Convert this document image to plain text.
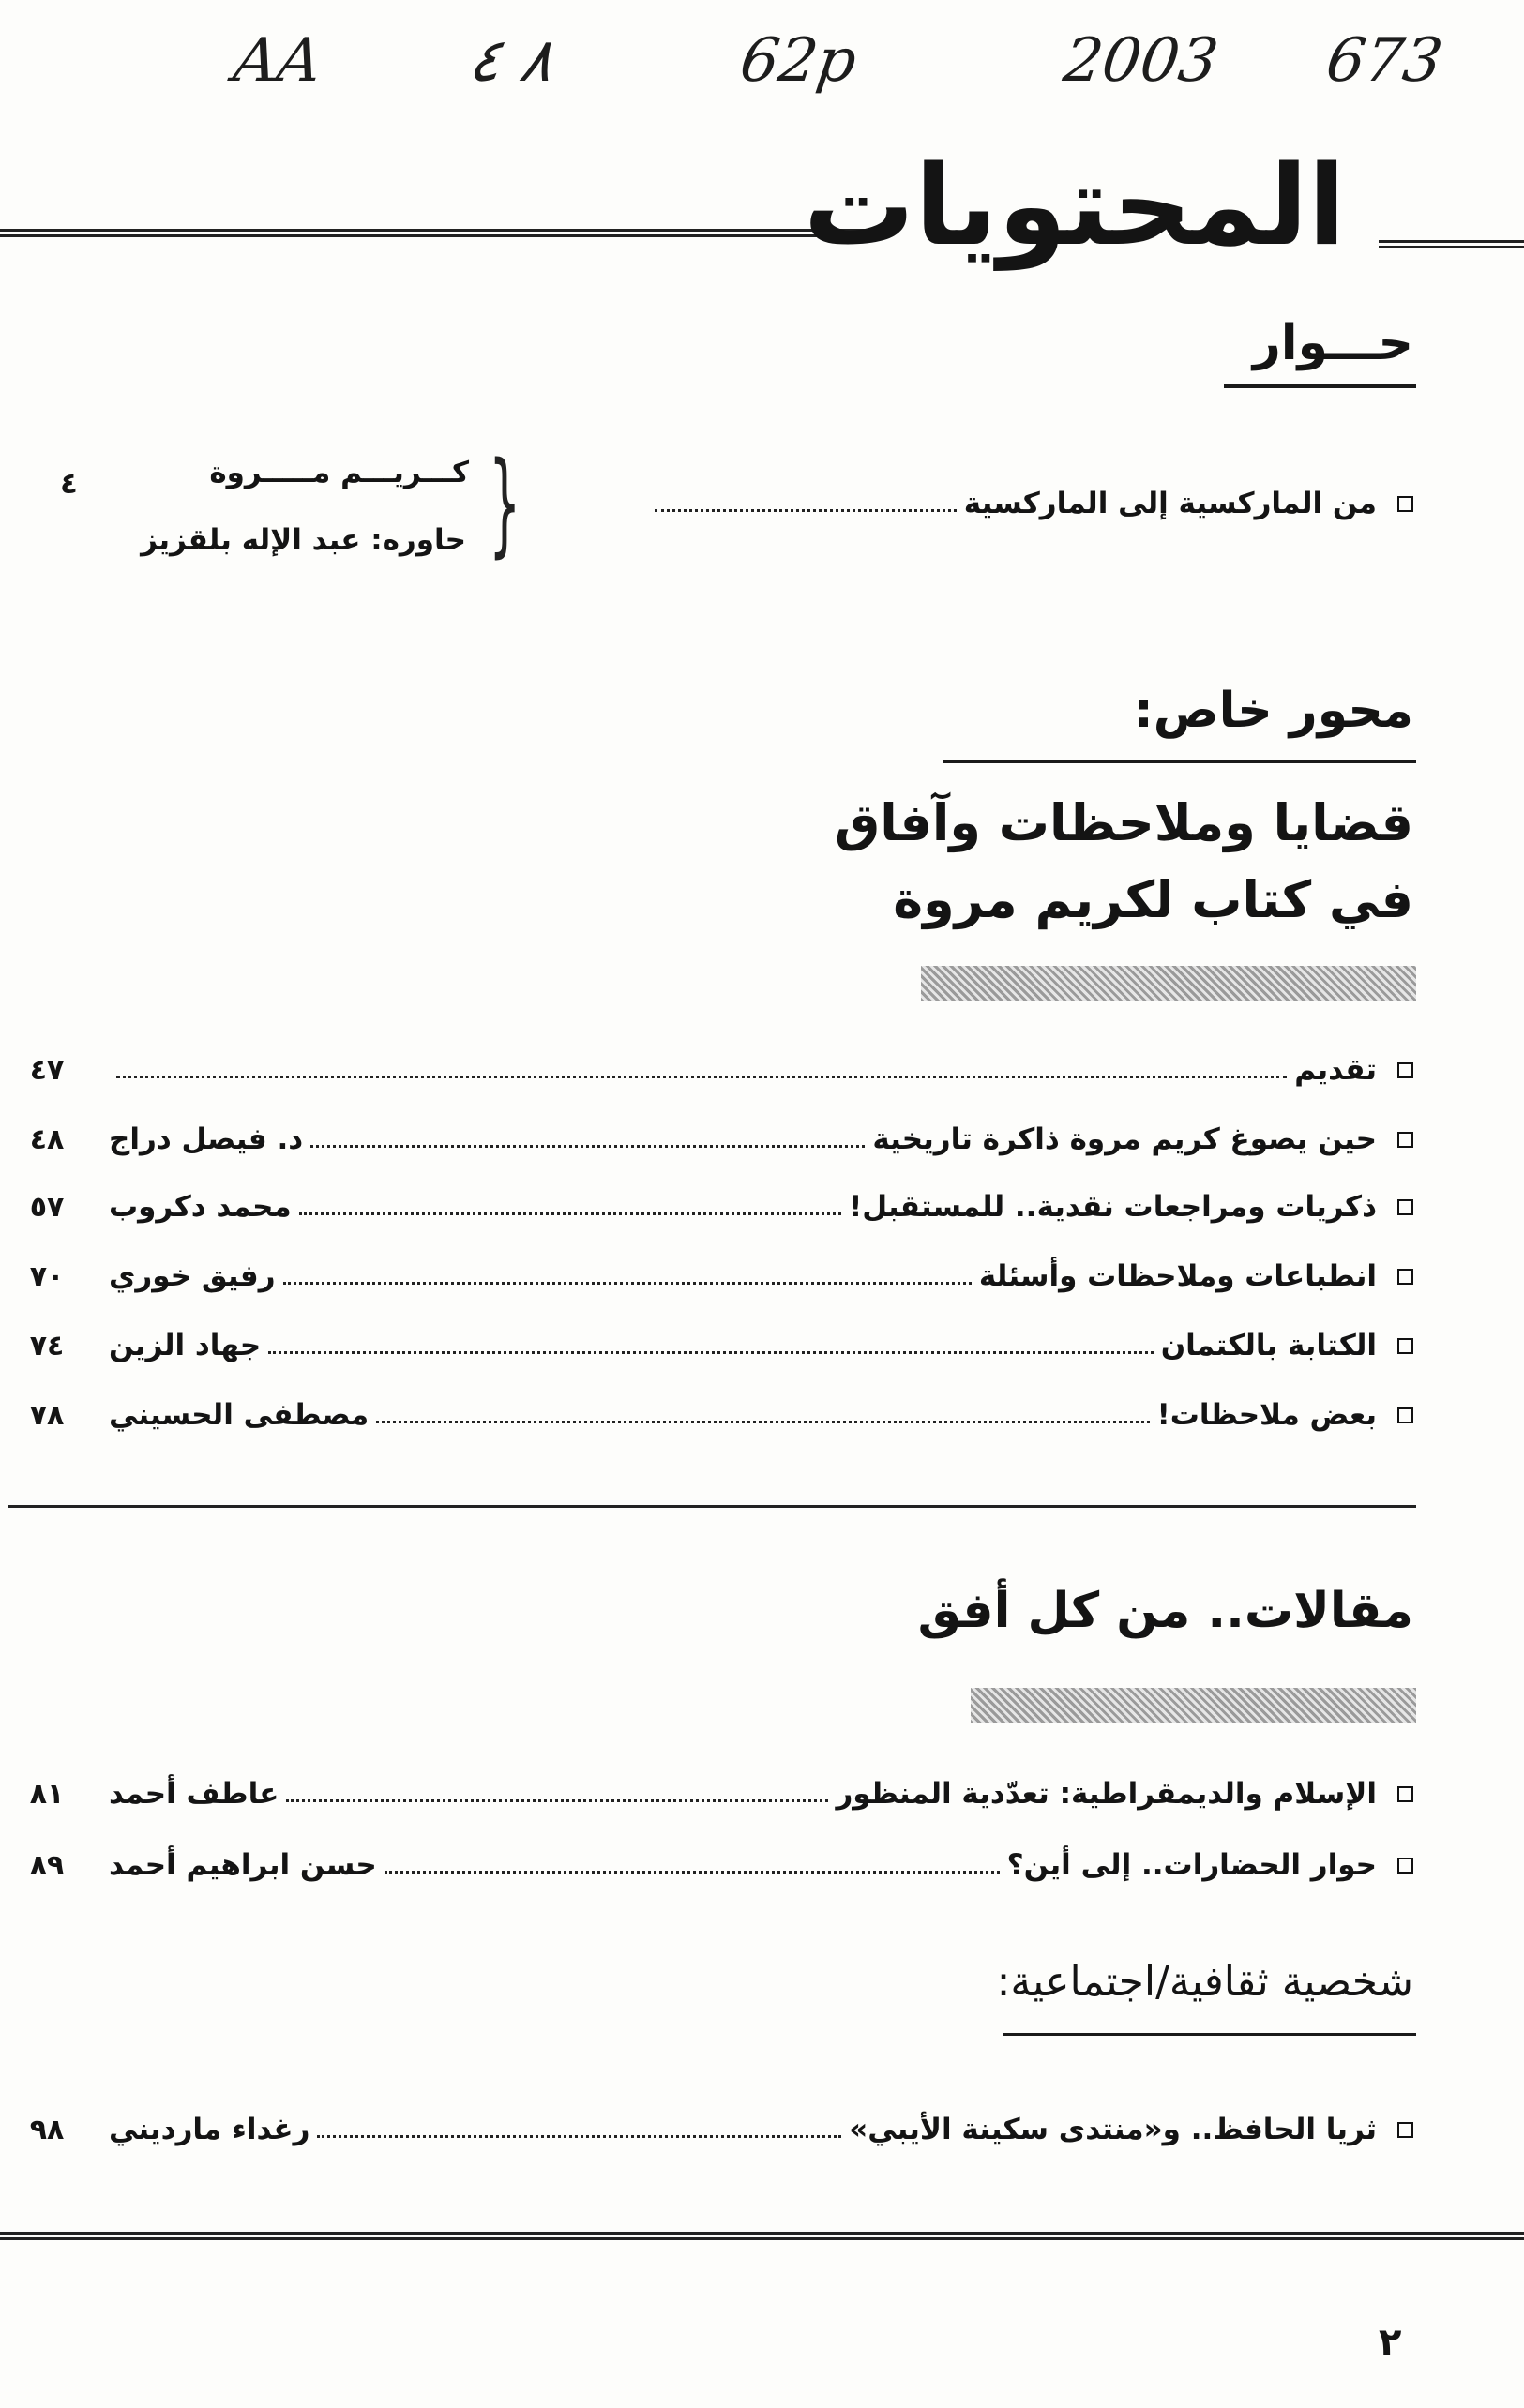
AA ٨ ٤	62p	2003 673
المحتويات
حـــوار
من الماركسية إلى الماركسية
}
كـــريـــم مـــــروة
حاوره: عبد الإله بلقزيز
٤
محور خاص:
قضايا وملاحظات وآفاق
في كتاب لكريم مروة
تقديم
٤٧
حين يصوغ كريم مروة ذاكرة تاريخية
د. فيصل دراج
٤٨
ذكريات ومراجعات نقدية.. للمستقبل!
محمد دكروب
٥٧
انطباعات وملاحظات وأسئلة
رفيق خوري
٧٠
الكتابة بالكتمان
جهاد الزين
٧٤
بعض ملاحظات!
مصطفى الحسيني
٧٨
مقالات.. من كل أفق
الإسلام والديمقراطية: تعدّدية المنظور
عاطف أحمد
٨١
حوار الحضارات.. إلى أين؟
حسن ابراهيم أحمد
٨٩
شخصية ثقافية/اجتماعية:
ثريا الحافظ.. و«منتدى سكينة الأيبي»
رغداء مارديني
٩٨
٢
